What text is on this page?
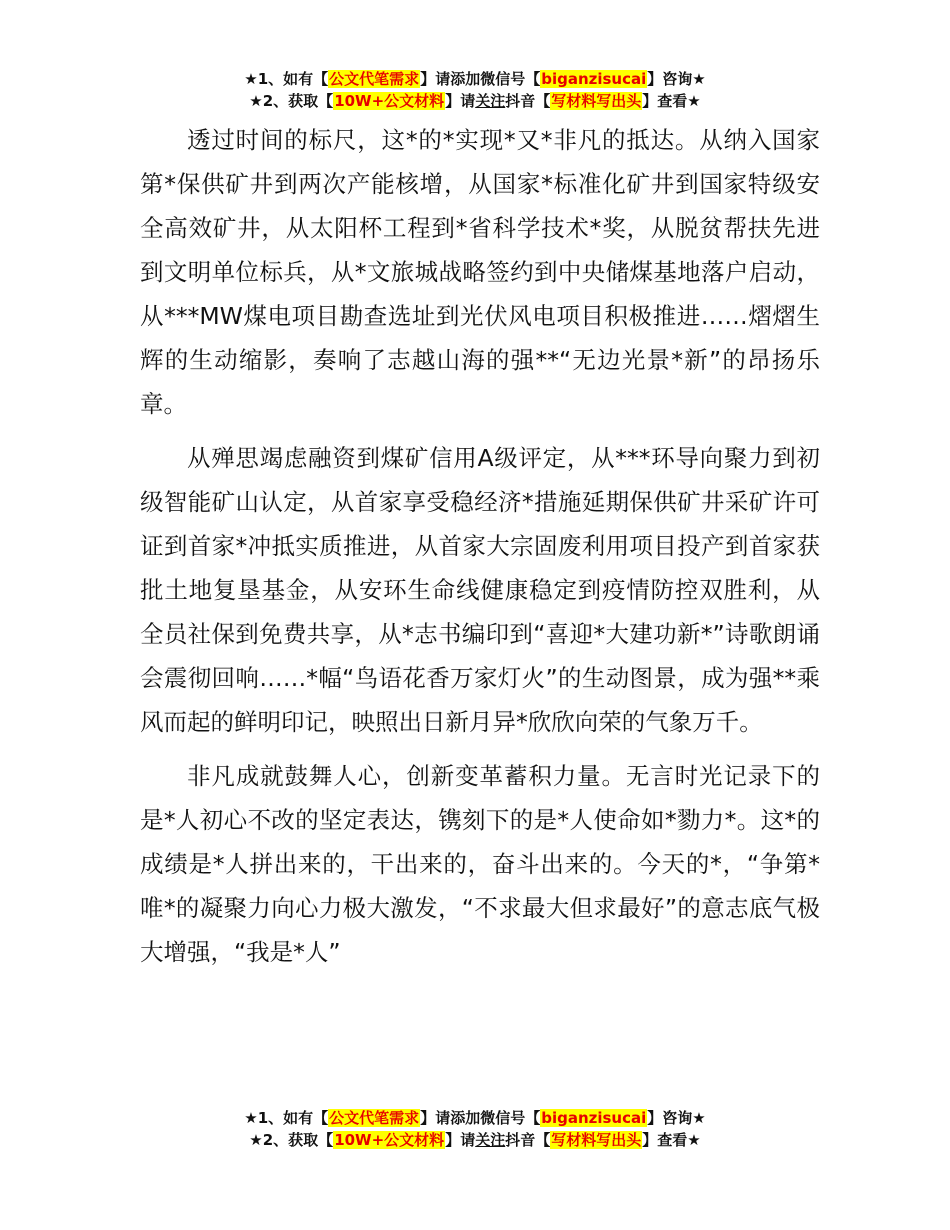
★1、如有【公文代笔需求】请添加微信号【biganzisucai】咨询★
★2、获取【10W+公文材料】请关注抖音【写材料写出头】查看★

透过时间的标尺，这*的*实现*又*非凡的抵达。从纳入国家第*保供矿井到两次产能核增，从国家*标准化矿井到国家特级安全高效矿井，从太阳杯工程到*省科学技术*奖，从脱贫帮扶先进到文明单位标兵，从*文旅城战略签约到中央储煤基地落户启动，从***MW煤电项目勘查选址到光伏风电项目积极推进……熠熠生辉的生动缩影，奏响了志越山海的强**“无边光景*新”的昂扬乐章。

从殚思竭虑融资到煤矿信用A级评定，从***环导向聚力到初级智能矿山认定，从首家享受稳经济*措施延期保供矿井采矿许可证到首家*冲抵实质推进，从首家大宗固废利用项目投产到首家获批土地复垦基金，从安环生命线健康稳定到疫情防控双胜利，从全员社保到免费共享，从*志书编印到“喜迎*大建功新*”诗歌朗诵会震彻回响……*幅“鸟语花香万家灯火”的生动图景，成为强**乘风而起的鲜明印记，映照出日新月异*欣欣向荣的气象万千。

非凡成就鼓舞人心，创新变革蓄积力量。无言时光记录下的是*人初心不改的坚定表达，镌刻下的是*人使命如*勠力*。这*的成绩是*人拼出来的，干出来的，奋斗出来的。今天的*，“争第*唯*的凝聚力向心力极大激发，“不求最大但求最好”的意志底气极大增强，“我是*人”

★1、如有【公文代笔需求】请添加微信号【biganzisucai】咨询★
★2、获取【10W+公文材料】请关注抖音【写材料写出头】查看★
